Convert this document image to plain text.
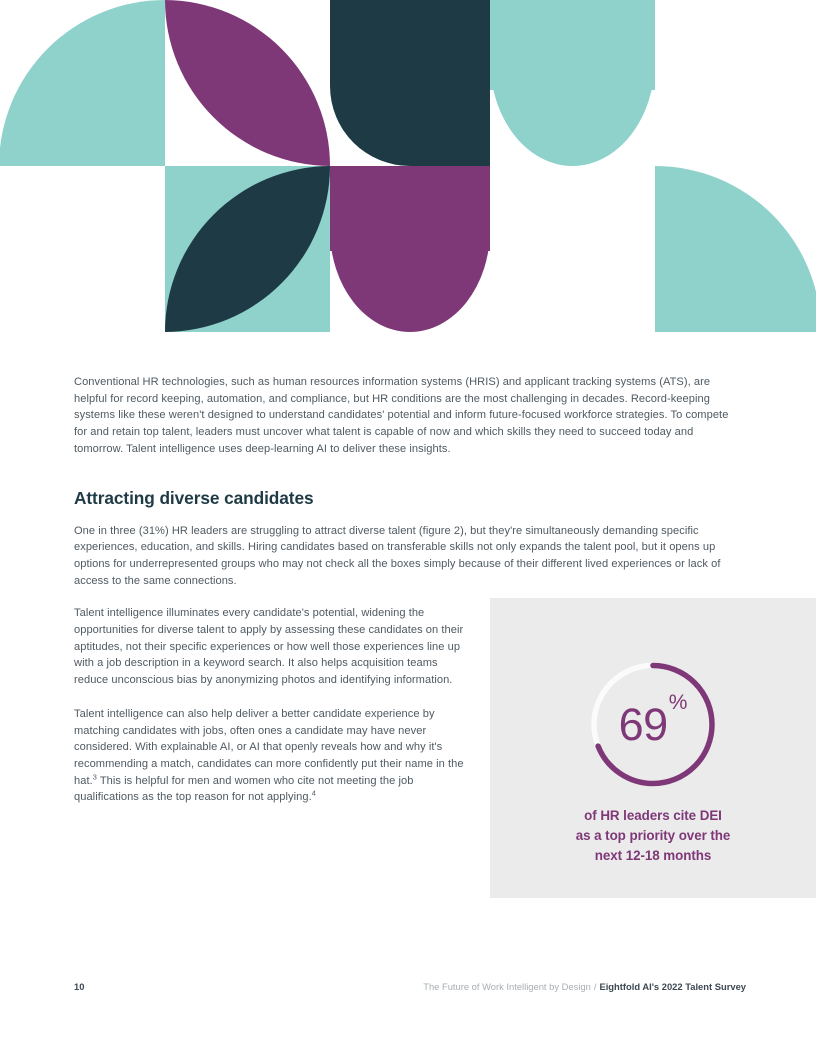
Conventional HR technologies, such as human resources information systems (HRIS) and applicant tracking systems (ATS), are helpful for record keeping, automation, and compliance, but HR conditions are the most challenging in decades. Record-keeping systems like these weren't designed to understand candidates' potential and inform future-focused workforce strategies. To compete for and retain top talent, leaders must uncover what talent is capable of now and which skills they need to succeed today and tomorrow. Talent intelligence uses deep-learning AI to deliver these insights.

Attracting diverse candidates

One in three (31%) HR leaders are struggling to attract diverse talent (figure 2), but they're simultaneously demanding specific experiences, education, and skills. Hiring candidates based on transferable skills not only expands the talent pool, but it opens up options for underrepresented groups who may not check all the boxes simply because of their different lived experiences or lack of access to the same connections.

Talent intelligence illuminates every candidate's potential, widening the opportunities for diverse talent to apply by assessing these candidates on their aptitudes, not their specific experiences or how well those experiences line up with a job description in a keyword search. It also helps acquisition teams reduce unconscious bias by anonymizing photos and identifying information.

Talent intelligence can also help deliver a better candidate experience by matching candidates with jobs, often ones a candidate may have never considered. With explainable AI, or AI that openly reveals how and why it's recommending a match, candidates can more confidently put their name in the hat.$^3$ This is helpful for men and women who cite not meeting the job qualifications as the top reason for not applying.$^4$

69 %
of HR leaders cite DEI
as a top priority over the
next 12-18 months
10	The Future of Work Intelligent by Design / Eightfold AI's 2022 Talent Survey
